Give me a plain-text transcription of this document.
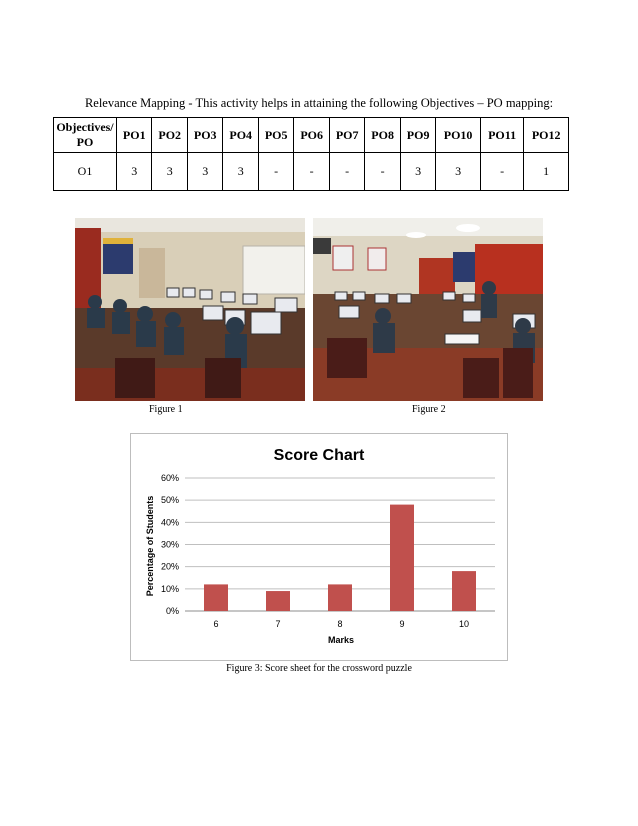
Relevance Mapping - This activity helps in attaining the following Objectives – PO mapping:
Objectives/
PO	PO1	PO2	PO3	PO4	PO5	PO6	PO7	PO8	PO9	PO10	PO11	PO12
O1	3	3	3	3	-	-	-	-	3	3	-	1
Figure 1	Figure 2
Score Chart
0%
10%
20%
30%
40%
50%
60%
6	7	8	9	10
Marks
Percentage of Students
Figure 3: Score sheet for the crossword puzzle
